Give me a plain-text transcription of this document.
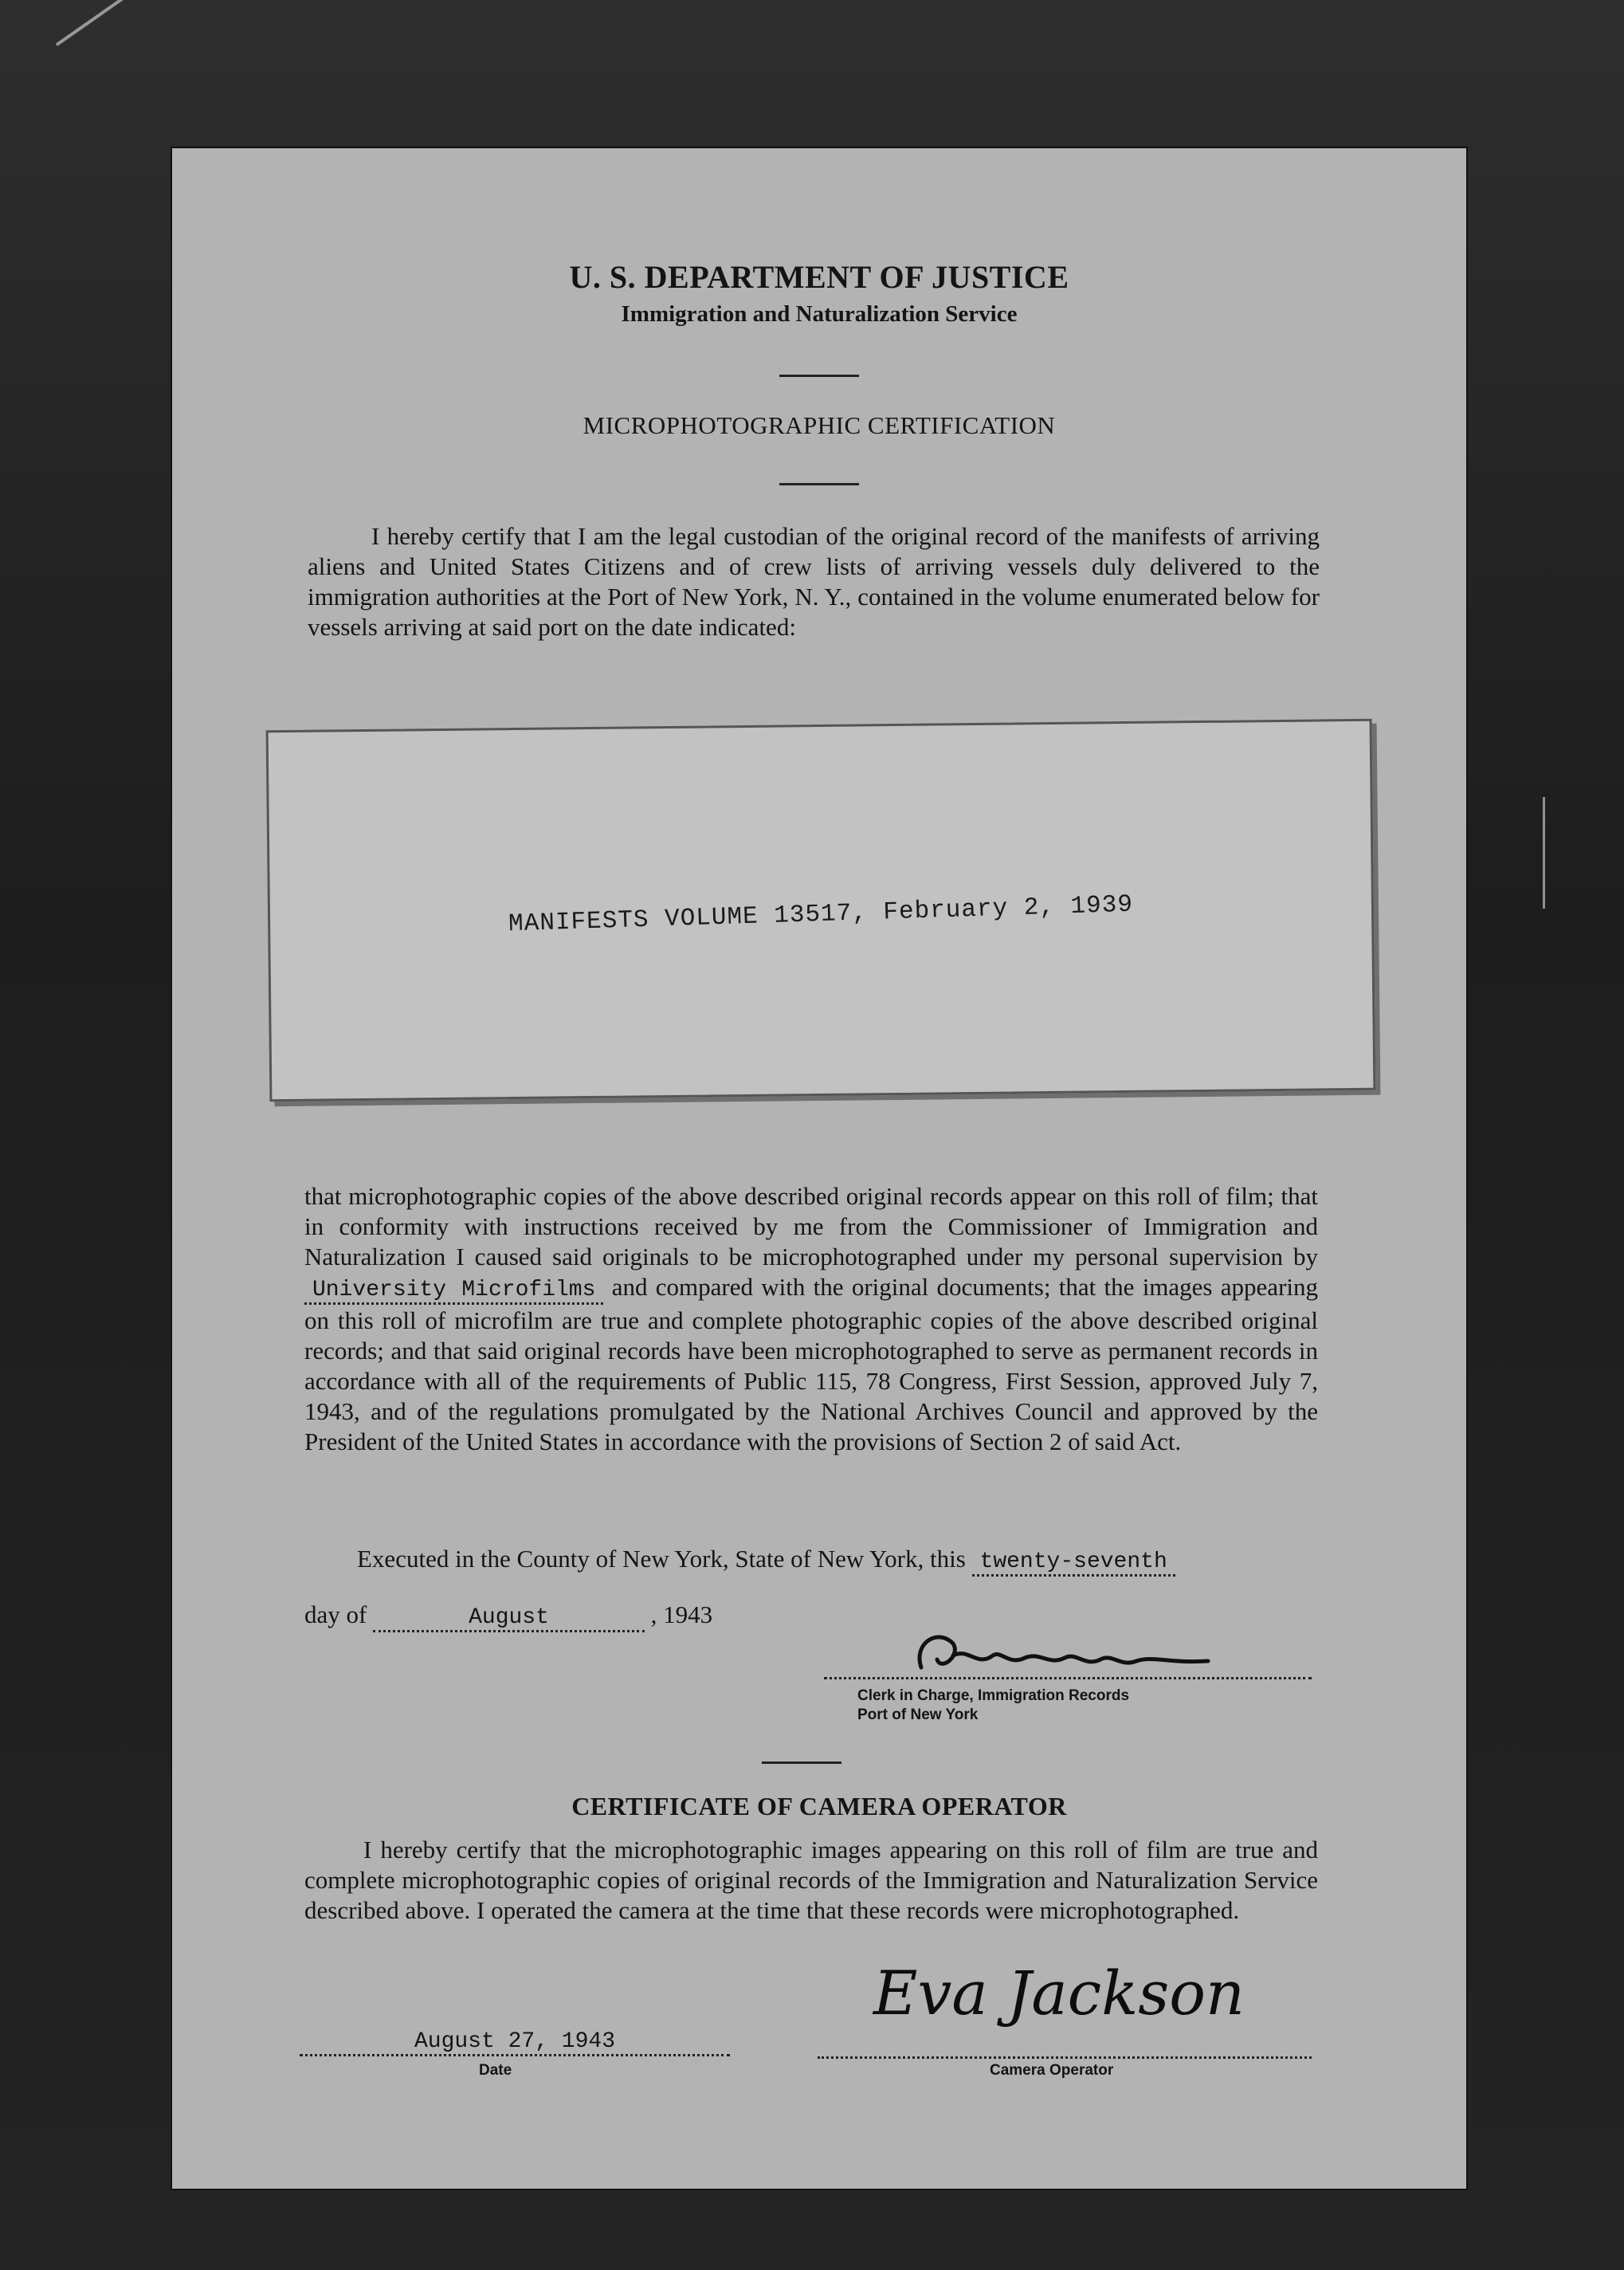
U. S. DEPARTMENT OF JUSTICE
Immigration and Naturalization Service
MICROPHOTOGRAPHIC CERTIFICATION
I hereby certify that I am the legal custodian of the original record of the manifests of arriving aliens and United States Citizens and of crew lists of arriving vessels duly delivered to the immigration authorities at the Port of New York, N. Y., contained in the volume enumerated below for vessels arriving at said port on the date indicated:
MANIFESTS VOLUME 13517, February 2, 1939
that microphotographic copies of the above described original records appear on this roll of film; that in conformity with instructions received by me from the Commissioner of Immigration and Naturalization I caused said originals to be microphotographed under my personal supervision by University Microfilms and compared with the original documents; that the images appearing on this roll of microfilm are true and complete photographic copies of the above described original records; and that said original records have been microphotographed to serve as permanent records in accordance with all of the requirements of Public 115, 78 Congress, First Session, approved July 7, 1943, and of the regulations promulgated by the National Archives Council and approved by the President of the United States in accordance with the provisions of Section 2 of said Act.
Executed in the County of New York, State of New York, this twenty-seventh
day of	August	, 1943
Clerk in Charge, Immigration Records
Port of New York
CERTIFICATE OF CAMERA OPERATOR
I hereby certify that the microphotographic images appearing on this roll of film are true and complete microphotographic copies of original records of the Immigration and Naturalization Service described above. I operated the camera at the time that these records were microphotographed.
August 27, 1943
Date
Eva Jackson
Camera Operator
